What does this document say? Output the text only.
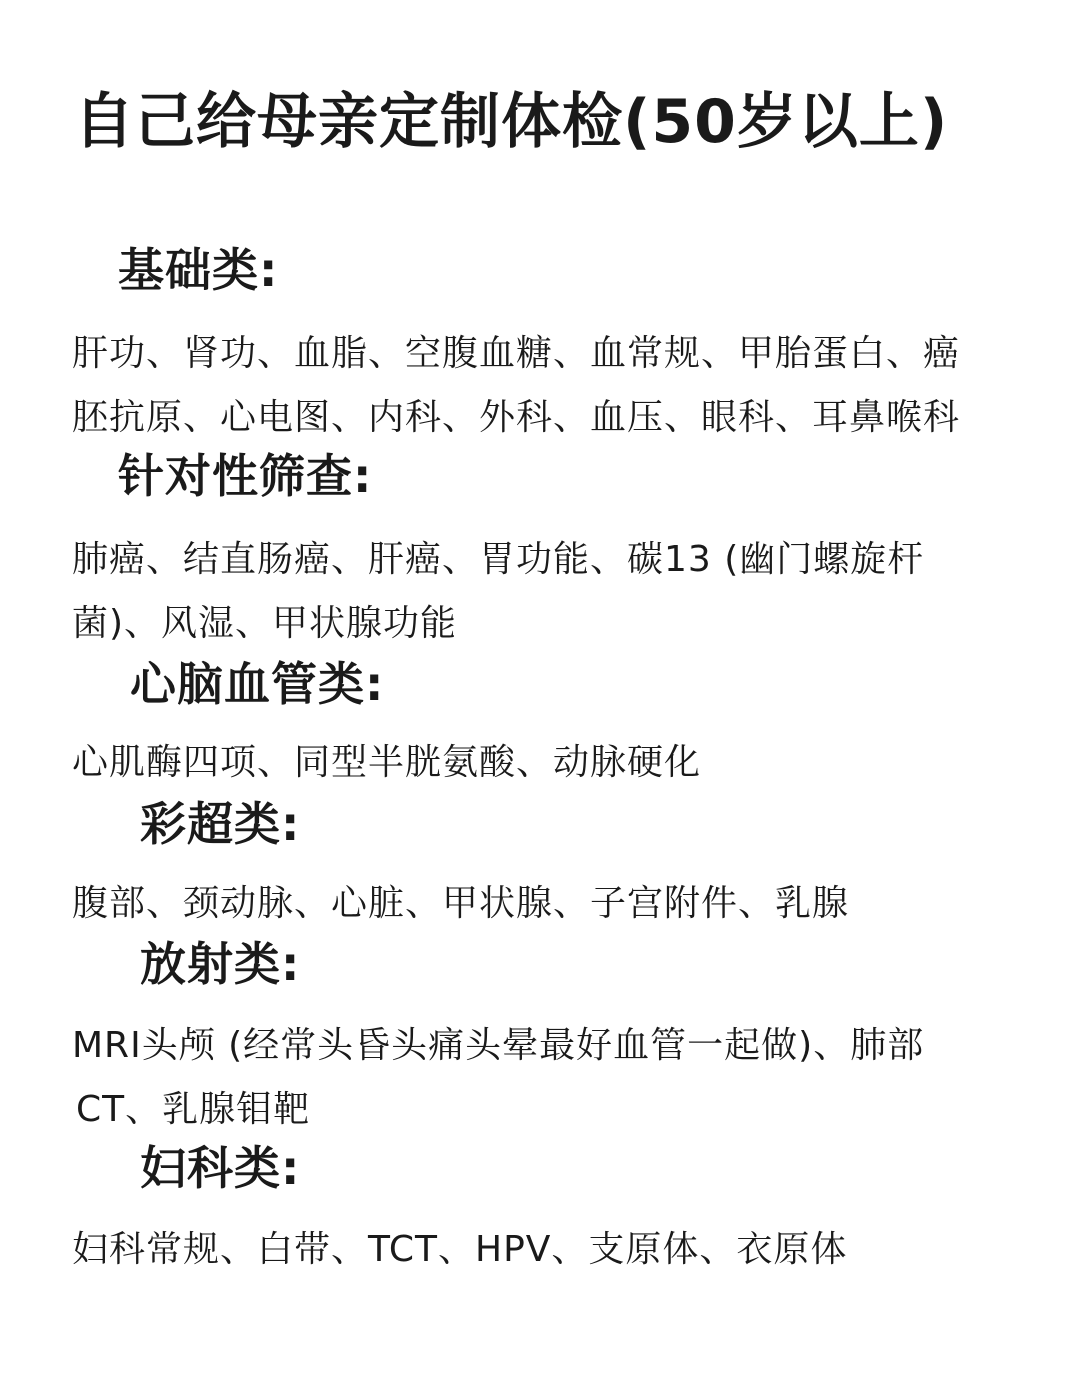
自己给母亲定制体检(50岁以上)
基础类:
肝功、肾功、血脂、空腹血糖、血常规、甲胎蛋白、癌
胚抗原、心电图、内科、外科、血压、眼科、耳鼻喉科
针对性筛查:
肺癌、结直肠癌、肝癌、胃功能、碳13 (幽门螺旋杆
菌)、风湿、甲状腺功能
心脑血管类:
心肌酶四项、同型半胱氨酸、动脉硬化
彩超类:
腹部、颈动脉、心脏、甲状腺、子宫附件、乳腺
放射类:
MRI头颅 (经常头昏头痛头晕最好血管一起做)、肺部
CT、乳腺钼靶
妇科类:
妇科常规、白带、TCT、HPV、支原体、衣原体
